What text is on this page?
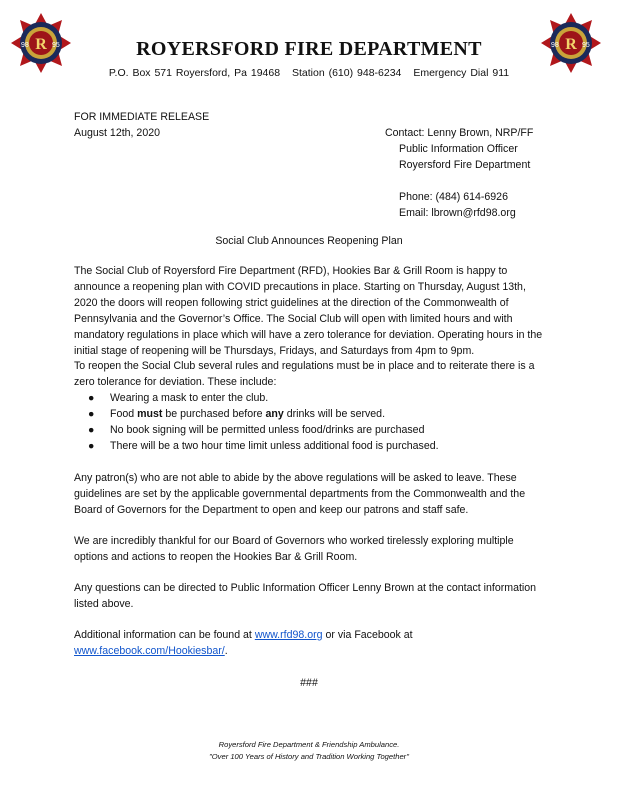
R
98	95	R
98	95
ROYERSFORD FIRE DEPARTMENT
P.O. Box 571 Royersford, Pa 19468 Station (610) 948-6234 Emergency Dial 911
FOR IMMEDIATE RELEASE
August 12th, 2020	Contact: Lenny Brown, NRP/FF
Public Information Officer
Royersford Fire Department
Phone: (484) 614-6926
Email: lbrown@rfd98.org
Social Club Announces Reopening Plan
The Social Club of Royersford Fire Department (RFD), Hookies Bar & Grill Room is happy to announce a reopening plan with COVID precautions in place. Starting on Thursday, August 13th, 2020 the doors will reopen following strict guidelines at the direction of the Commonwealth of Pennsylvania and the Governor’s Office. The Social Club will open with limited hours and with mandatory regulations in place which will have a zero tolerance for deviation. Operating hours in the initial stage of reopening will be Thursdays, Fridays, and Saturdays from 4pm to 9pm.
To reopen the Social Club several rules and regulations must be in place and to reiterate there is a zero tolerance for deviation. These include:
● Wearing a mask to enter the club.
● Food must be purchased before any drinks will be served.
● No book signing will be permitted unless food/drinks are purchased
● There will be a two hour time limit unless additional food is purchased.
Any patron(s) who are not able to abide by the above regulations will be asked to leave. These guidelines are set by the applicable governmental departments from the Commonwealth and the Board of Governors for the Department to open and keep our patrons and staff safe.
We are incredibly thankful for our Board of Governors who worked tirelessly exploring multiple options and actions to reopen the Hookies Bar & Grill Room.
Any questions can be directed to Public Information Officer Lenny Brown at the contact information listed above.
Additional information can be found at www.rfd98.org or via Facebook at
www.facebook.com/Hookiesbar/.
###
Royersford Fire Department & Friendship Ambulance.
"Over 100 Years of History and Tradition Working Together"
